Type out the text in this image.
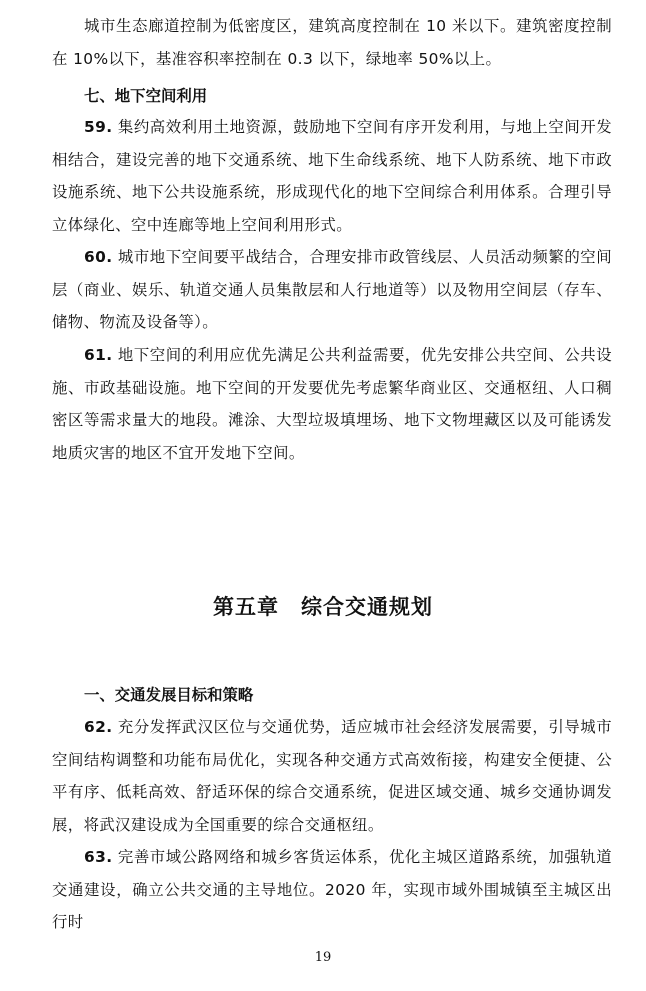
城市生态廊道控制为低密度区，建筑高度控制在 10 米以下。建筑密度控制在 10%以下，基准容积率控制在 0.3 以下，绿地率 50%以上。

七、地下空间利用

59. 集约高效利用土地资源，鼓励地下空间有序开发利用，与地上空间开发相结合，建设完善的地下交通系统、地下生命线系统、地下人防系统、地下市政设施系统、地下公共设施系统，形成现代化的地下空间综合利用体系。合理引导立体绿化、空中连廊等地上空间利用形式。

60. 城市地下空间要平战结合，合理安排市政管线层、人员活动频繁的空间层（商业、娱乐、轨道交通人员集散层和人行地道等）以及物用空间层（存车、储物、物流及设备等）。

61. 地下空间的利用应优先满足公共利益需要，优先安排公共空间、公共设施、市政基础设施。地下空间的开发要优先考虑繁华商业区、交通枢纽、人口稠密区等需求量大的地段。滩涂、大型垃圾填埋场、地下文物埋藏区以及可能诱发地质灾害的地区不宜开发地下空间。

第五章　综合交通规划

一、交通发展目标和策略

62. 充分发挥武汉区位与交通优势，适应城市社会经济发展需要，引导城市空间结构调整和功能布局优化，实现各种交通方式高效衔接，构建安全便捷、公平有序、低耗高效、舒适环保的综合交通系统，促进区域交通、城乡交通协调发展，将武汉建设成为全国重要的综合交通枢纽。

63. 完善市域公路网络和城乡客货运体系，优化主城区道路系统，加强轨道交通建设，确立公共交通的主导地位。2020 年，实现市域外围城镇至主城区出行时

19
